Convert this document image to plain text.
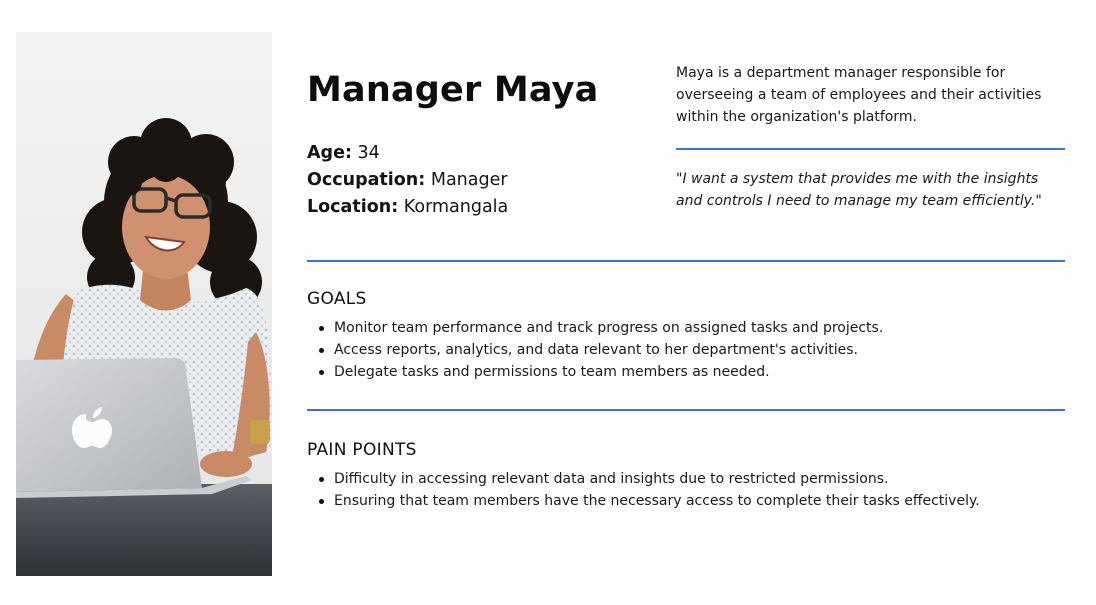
Manager Maya
Age: 34
Occupation: Manager
Location: Kormangala
Maya is a department manager responsible for overseeing a team of employees and their activities within the organization's platform.
"I want a system that provides me with the insights and controls I need to manage my team efficiently."
GOALS
Monitor team performance and track progress on assigned tasks and projects.
Access reports, analytics, and data relevant to her department's activities.
Delegate tasks and permissions to team members as needed.
PAIN POINTS
Difficulty in accessing relevant data and insights due to restricted permissions.
Ensuring that team members have the necessary access to complete their tasks effectively.
